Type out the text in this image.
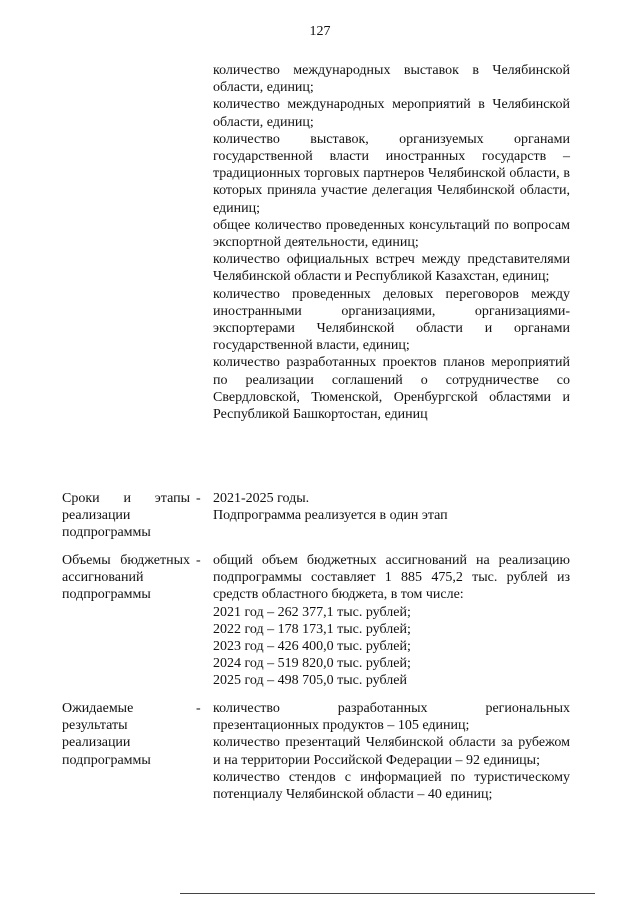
127

количество международных выставок в Челябинской области, единиц;

количество международных мероприятий в Челябинской области, единиц;

количество выставок, организуемых органами государственной власти иностранных государств – традиционных торговых партнеров Челябинской области, в которых приняла участие делегация Челябинской области, единиц;

общее количество проведенных консультаций по вопросам экспортной деятельности, единиц;

количество официальных встреч между представителями Челябинской области и Республикой Казахстан, единиц;

количество проведенных деловых переговоров между иностранными организациями, организациями-экспортерами Челябинской области и органами государственной власти, единиц;

количество разработанных проектов планов мероприятий по реализации соглашений о сотрудничестве со Свердловской, Тюменской, Оренбургской областями и Республикой Башкортостан, единиц

Сроки и этапы реализации подпрограммы
- 2021-2025 годы.

Подпрограмма реализуется в один этап

Объемы бюджетных ассигнований подпрограммы
- общий объем бюджетных ассигнований на реализацию подпрограммы составляет 1 885 475,2 тыс. рублей из средств областного бюджета, в том числе:

2021 год – 262 377,1 тыс. рублей;

2022 год – 178 173,1 тыс. рублей;

2023 год – 426 400,0 тыс. рублей;

2024 год – 519 820,0 тыс. рублей;

2025 год – 498 705,0 тыс. рублей

Ожидаемые результаты реализации подпрограммы
- количество разработанных региональных презентационных продуктов – 105 единиц;

количество презентаций Челябинской области за рубежом и на территории Российской Федерации – 92 единицы;

количество стендов с информацией по туристическому потенциалу Челябинской области – 40 единиц;
